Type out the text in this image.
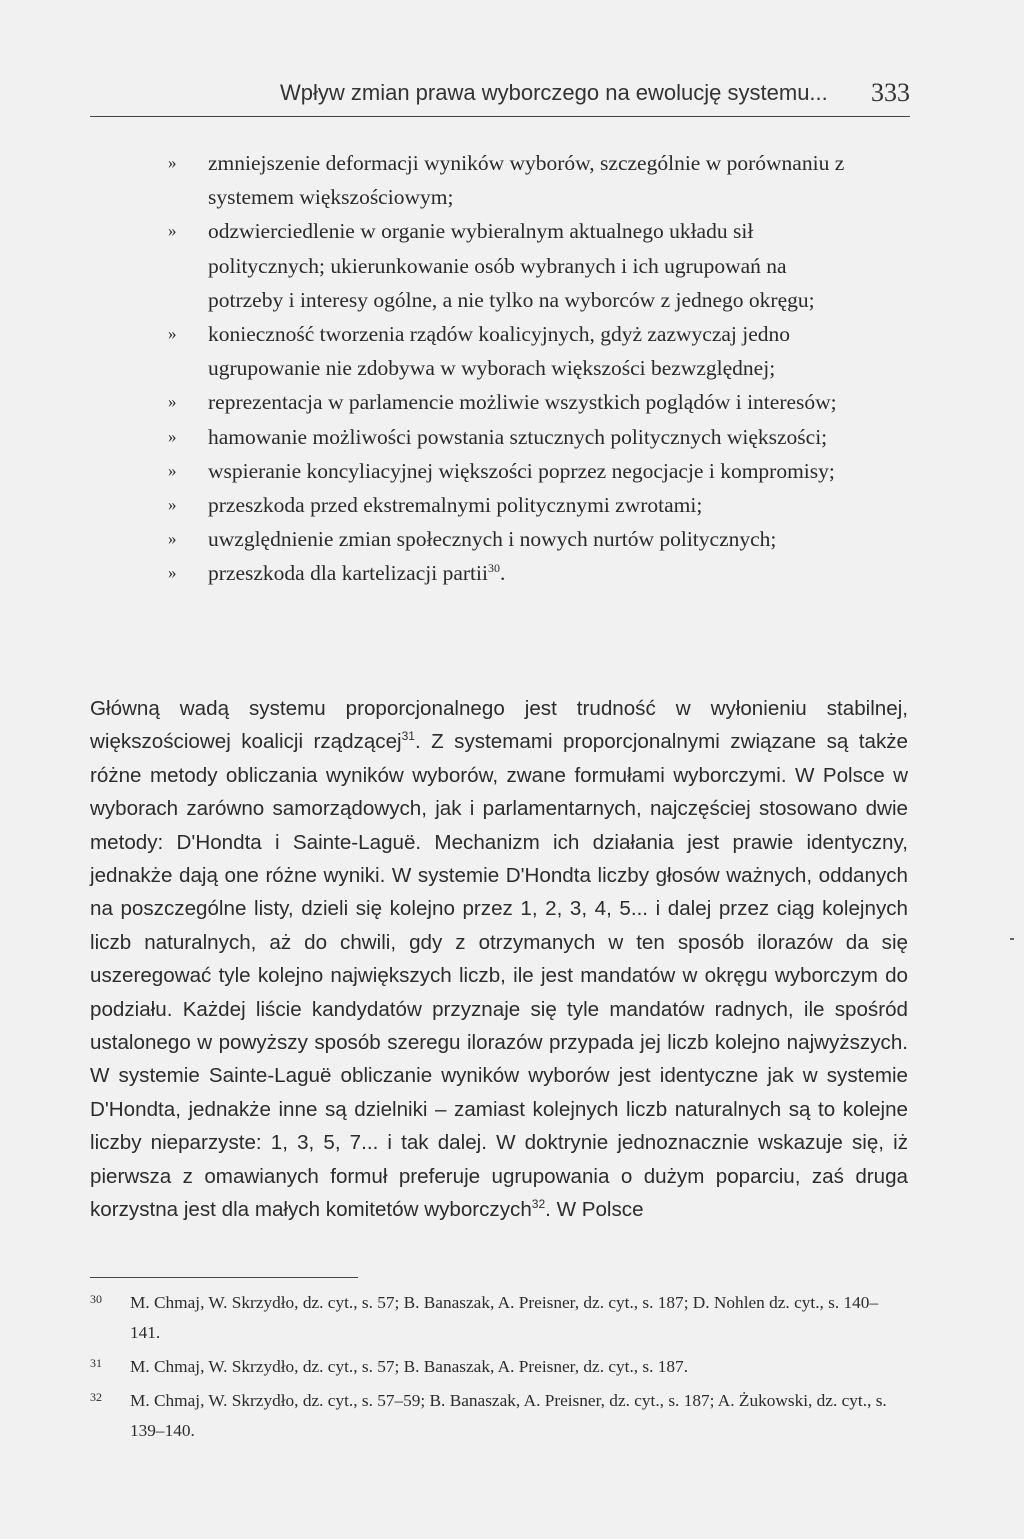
Wpływ zmian prawa wyborczego na ewolucję systemu... 333
» zmniejszenie deformacji wyników wyborów, szczególnie w porównaniu z systemem większościowym;
» odzwierciedlenie w organie wybieralnym aktualnego układu sił politycznych; ukierunkowanie osób wybranych i ich ugrupowań na potrzeby i interesy ogólne, a nie tylko na wyborców z jednego okręgu;
» konieczność tworzenia rządów koalicyjnych, gdyż zazwyczaj jedno ugrupowanie nie zdobywa w wyborach większości bezwzględnej;
» reprezentacja w parlamencie możliwie wszystkich poglądów i interesów;
» hamowanie możliwości powstania sztucznych politycznych większości;
» wspieranie koncyliacyjnej większości poprzez negocjacje i kompromisy;
» przeszkoda przed ekstremalnymi politycznymi zwrotami;
» uwzględnienie zmian społecznych i nowych nurtów politycznych;
» przeszkoda dla kartelizacji partii$^{30}$.

Główną wadą systemu proporcjonalnego jest trudność w wyłonieniu stabilnej, większościowej koalicji rządzącej$^{31}$. Z systemami proporcjonalnymi związane są także różne metody obliczania wyników wyborów, zwane formułami wyborczymi. W Polsce w wyborach zarówno samorządowych, jak i parlamentarnych, najczęściej stosowano dwie metody: D'Hondta i Sainte-Laguë. Mechanizm ich działania jest prawie identyczny, jednakże dają one różne wyniki. W systemie D'Hondta liczby głosów ważnych, oddanych na poszczególne listy, dzieli się kolejno przez 1, 2, 3, 4, 5... i dalej przez ciąg kolejnych liczb naturalnych, aż do chwili, gdy z otrzymanych w ten sposób ilorazów da się uszeregować tyle kolejno największych liczb, ile jest mandatów w okręgu wyborczym do podziału. Każdej liście kandydatów przyznaje się tyle mandatów radnych, ile spośród ustalonego w powyższy sposób szeregu ilorazów przypada jej liczb kolejno najwyższych. W systemie Sainte-Laguë obliczanie wyników wyborów jest identyczne jak w systemie D'Hondta, jednakże inne są dzielniki – zamiast kolejnych liczb naturalnych są to kolejne liczby nieparzyste: 1, 3, 5, 7... i tak dalej. W doktrynie jednoznacznie wskazuje się, iż pierwsza z omawianych formuł preferuje ugrupowania o dużym poparciu, zaś druga korzystna jest dla małych komitetów wyborczych$^{32}$. W Polsce

30 M. Chmaj, W. Skrzydło, dz. cyt., s. 57; B. Banaszak, A. Preisner, dz. cyt., s. 187; D. Nohlen dz. cyt., s. 140–141.
31 M. Chmaj, W. Skrzydło, dz. cyt., s. 57; B. Banaszak, A. Preisner, dz. cyt., s. 187.
32 M. Chmaj, W. Skrzydło, dz. cyt., s. 57–59; B. Banaszak, A. Preisner, dz. cyt., s. 187; A. Żukowski, dz. cyt., s. 139–140.
